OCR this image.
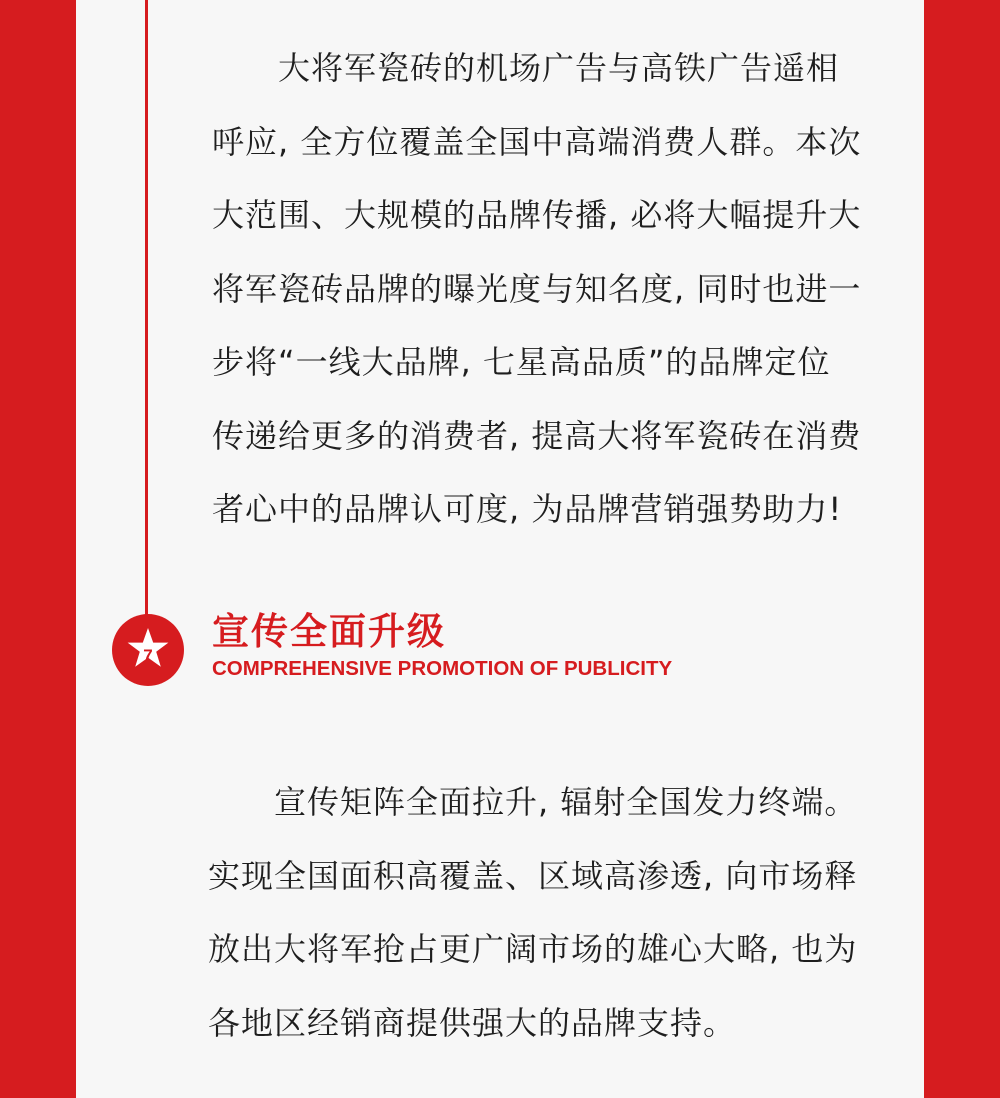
　　大将军瓷砖的机场广告与高铁广告遥相
呼应, 全方位覆盖全国中高端消费人群。本次
大范围、大规模的品牌传播, 必将大幅提升大
将军瓷砖品牌的曝光度与知名度, 同时也进一
步将“一线大品牌, 七星高品质”的品牌定位
传递给更多的消费者, 提高大将军瓷砖在消费
者心中的品牌认可度, 为品牌营销强势助力!

7
宣传全面升级
COMPREHENSIVE PROMOTION OF PUBLICITY

　　宣传矩阵全面拉升, 辐射全国发力终端。
实现全国面积高覆盖、区域高渗透, 向市场释
放出大将军抢占更广阔市场的雄心大略, 也为
各地区经销商提供强大的品牌支持。
